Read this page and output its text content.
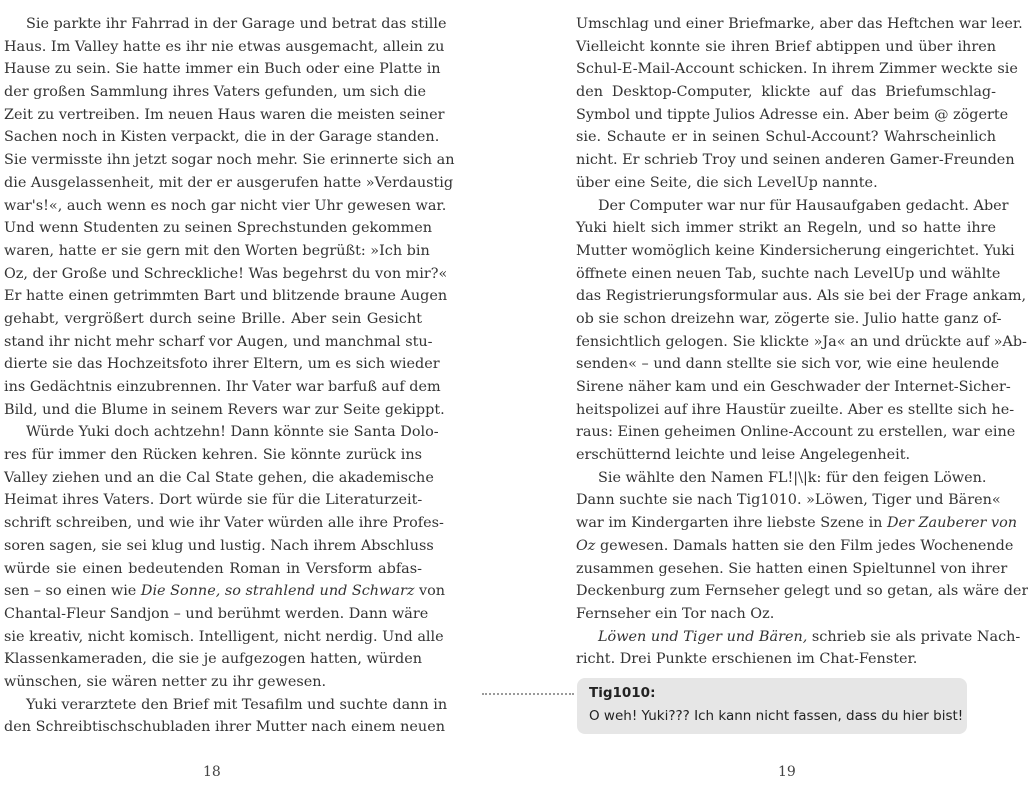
Sie parkte ihr Fahrrad in der Garage und betrat das stille
Haus. Im Valley hatte es ihr nie etwas ausgemacht, allein zu
Hause zu sein. Sie hatte immer ein Buch oder eine Platte in
der großen Sammlung ihres Vaters gefunden, um sich die
Zeit zu vertreiben. Im neuen Haus waren die meisten seiner
Sachen noch in Kisten verpackt, die in der Garage standen.
Sie vermisste ihn jetzt sogar noch mehr. Sie erinnerte sich an
die Ausgelassenheit, mit der er ausgerufen hatte »Verdaustig
war's!«, auch wenn es noch gar nicht vier Uhr gewesen war.
Und wenn Studenten zu seinen Sprechstunden gekommen
waren, hatte er sie gern mit den Worten begrüßt: »Ich bin
Oz, der Große und Schreckliche! Was begehrst du von mir?«
Er hatte einen getrimmten Bart und blitzende braune Augen
gehabt, vergrößert durch seine Brille. Aber sein Gesicht
stand ihr nicht mehr scharf vor Augen, und manchmal stu-
dierte sie das Hochzeitsfoto ihrer Eltern, um es sich wieder
ins Gedächtnis einzubrennen. Ihr Vater war barfuß auf dem
Bild, und die Blume in seinem Revers war zur Seite gekippt.
Würde Yuki doch achtzehn! Dann könnte sie Santa Dolo-
res für immer den Rücken kehren. Sie könnte zurück ins
Valley ziehen und an die Cal State gehen, die akademische
Heimat ihres Vaters. Dort würde sie für die Literaturzeit-
schrift schreiben, und wie ihr Vater würden alle ihre Profes-
soren sagen, sie sei klug und lustig. Nach ihrem Abschluss
würde sie einen bedeutenden Roman in Versform abfas-
sen – so einen wie Die Sonne, so strahlend und Schwarz von
Chantal-Fleur Sandjon – und berühmt werden. Dann wäre
sie kreativ, nicht komisch. Intelligent, nicht nerdig. Und alle
Klassenkameraden, die sie je aufgezogen hatten, würden
wünschen, sie wären netter zu ihr gewesen.
Yuki verarztete den Brief mit Tesafilm und suchte dann in
den Schreibtischschubladen ihrer Mutter nach einem neuen
18
Umschlag und einer Briefmarke, aber das Heftchen war leer.
Vielleicht konnte sie ihren Brief abtippen und über ihren
Schul-E-Mail-Account schicken. In ihrem Zimmer weckte sie
den Desktop-Computer, klickte auf das Briefumschlag-
Symbol und tippte Julios Adresse ein. Aber beim @ zögerte
sie. Schaute er in seinen Schul-Account? Wahrscheinlich
nicht. Er schrieb Troy und seinen anderen Gamer-Freunden
über eine Seite, die sich LevelUp nannte.
Der Computer war nur für Hausaufgaben gedacht. Aber
Yuki hielt sich immer strikt an Regeln, und so hatte ihre
Mutter womöglich keine Kindersicherung eingerichtet. Yuki
öffnete einen neuen Tab, suchte nach LevelUp und wählte
das Registrierungsformular aus. Als sie bei der Frage ankam,
ob sie schon dreizehn war, zögerte sie. Julio hatte ganz of-
fensichtlich gelogen. Sie klickte »Ja« an und drückte auf »Ab-
senden« – und dann stellte sie sich vor, wie eine heulende
Sirene näher kam und ein Geschwader der Internet-Sicher-
heitspolizei auf ihre Haustür zueilte. Aber es stellte sich he-
raus: Einen geheimen Online-Account zu erstellen, war eine
erschütternd leichte und leise Angelegenheit.
Sie wählte den Namen FL!|\|k: für den feigen Löwen.
Dann suchte sie nach Tig1010. »Löwen, Tiger und Bären«
war im Kindergarten ihre liebste Szene in Der Zauberer von
Oz gewesen. Damals hatten sie den Film jedes Wochenende
zusammen gesehen. Sie hatten einen Spieltunnel von ihrer
Deckenburg zum Fernseher gelegt und so getan, als wäre der
Fernseher ein Tor nach Oz.
Löwen und Tiger und Bären, schrieb sie als private Nach-
richt. Drei Punkte erschienen im Chat-Fenster.
19
Tig1010:
O weh! Yuki??? Ich kann nicht fassen, dass du hier bist!
